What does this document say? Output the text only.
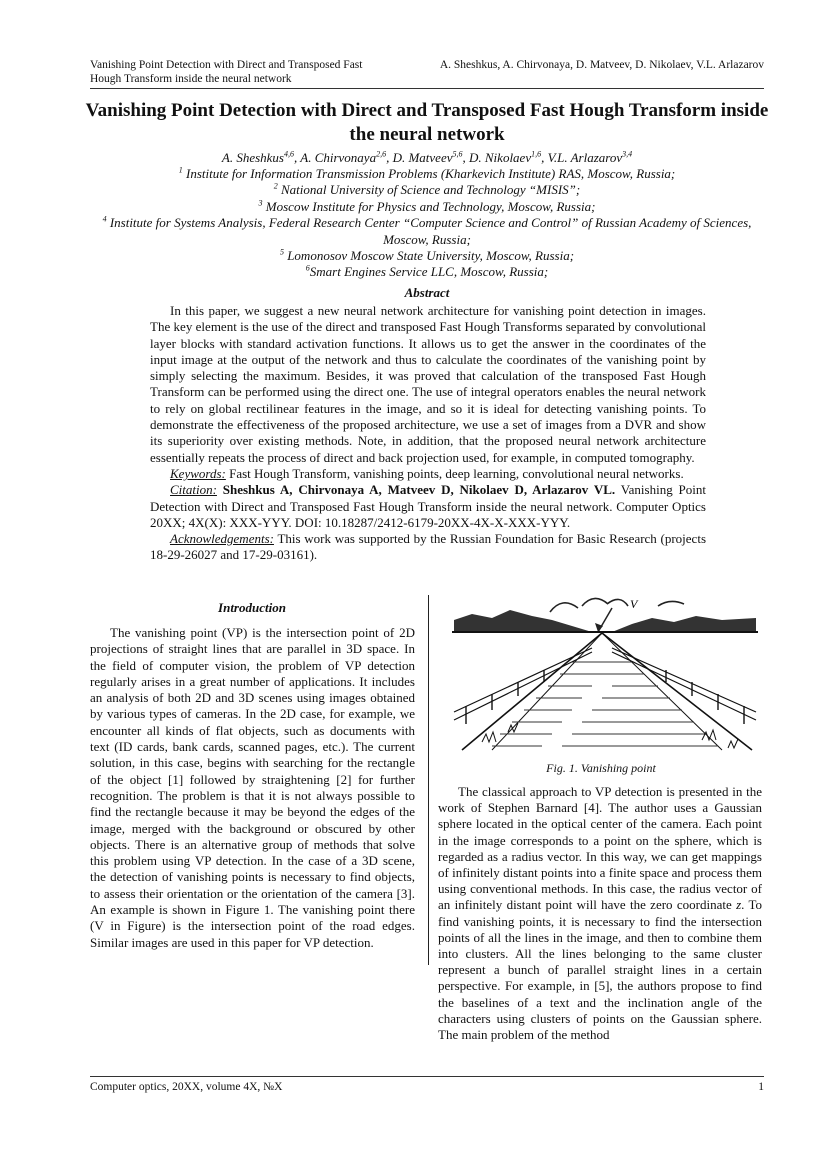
Vanishing Point Detection with Direct and Transposed Fast Hough Transform inside the neural network
A. Sheshkus, A. Chirvonaya, D. Matveev, D. Nikolaev, V.L. Arlazarov
Vanishing Point Detection with Direct and Transposed Fast Hough Transform inside the neural network
A. Sheshkus$^{4,6}$, A. Chirvonaya$^{2,6}$, D. Matveev$^{5,6}$, D. Nikolaev$^{1,6}$, V.L. Arlazarov$^{3,4}$
$^1$ Institute for Information Transmission Problems (Kharkevich Institute) RAS, Moscow, Russia;
$^2$ National University of Science and Technology “MISIS”;
$^3$ Moscow Institute for Physics and Technology, Moscow, Russia;
$^4$ Institute for Systems Analysis, Federal Research Center “Computer Science and Control” of Russian Academy of Sciences, Moscow, Russia;
$^5$ Lomonosov Moscow State University, Moscow, Russia;
$^6$Smart Engines Service LLC, Moscow, Russia;
Abstract

In this paper, we suggest a new neural network architecture for vanishing point detection in images. The key element is the use of the direct and transposed Fast Hough Transforms separated by convolutional layer blocks with standard activation functions. It allows us to get the answer in the coordinates of the input image at the output of the network and thus to calculate the coordinates of the vanishing point by simply selecting the maximum. Besides, it was proved that calculation of the transposed Fast Hough Transform can be performed using the direct one. The use of integral operators enables the neural network to rely on global rectilinear features in the image, and so it is ideal for detecting vanishing points. To demonstrate the effectiveness of the proposed architecture, we use a set of images from a DVR and show its superiority over existing methods. Note, in addition, that the proposed neural network architecture essentially repeats the process of direct and back projection used, for example, in computed tomography.

Keywords: Fast Hough Transform, vanishing points, deep learning, convolutional neural networks.

Citation: Sheshkus A, Chirvonaya A, Matveev D, Nikolaev D, Arlazarov VL. Vanishing Point Detection with Direct and Transposed Fast Hough Transform inside the neural network. Computer Optics 20XX; 4X(X): XXX-YYY. DOI: 10.18287/2412-6179-20XX-4X-X-XXX-YYY.

Acknowledgements: This work was supported by the Russian Foundation for Basic Research (projects 18-29-26027 and 17-29-03161).

Introduction

The vanishing point (VP) is the intersection point of 2D projections of straight lines that are parallel in 3D space. In the field of computer vision, the problem of VP detection regularly arises in a great number of applications. It includes an analysis of both 2D and 3D scenes using images obtained by various types of cameras. In the 2D case, for example, we encounter all kinds of flat objects, such as documents with text (ID cards, bank cards, scanned pages, etc.). The current solution, in this case, begins with searching for the rectangle of the object [1] followed by straightening [2] for further recognition. The problem is that it is not always possible to find the rectangle because it may be beyond the edges of the image, merged with the background or obscured by other objects. There is an alternative group of methods that solve this problem using VP detection. In the case of a 3D scene, the detection of vanishing points is necessary to find objects, to assess their orientation or the orientation of the camera [3]. An example is shown in Figure 1. The vanishing point there (V in Figure) is the intersection point of the road edges. Similar images are used in this paper for VP detection.

V
Fig. 1. Vanishing point

The classical approach to VP detection is presented in the work of Stephen Barnard [4]. The author uses a Gaussian sphere located in the optical center of the camera. Each point in the image corresponds to a point on the sphere, which is regarded as a radius vector. In this way, we can get mappings of infinitely distant points into a finite space and process them using conventional methods. In this case, the radius vector of an infinitely distant point will have the zero coordinate z. To find vanishing points, it is necessary to find the intersection points of all the lines in the image, and then to combine them into clusters. All the lines belonging to the same cluster represent a bunch of parallel straight lines in a certain perspective. For example, in [5], the authors propose to find the baselines of a text and the inclination angle of the characters using clusters of points on the Gaussian sphere. The main problem of the method

Computer optics, 20XX, volume 4X, №X	1
